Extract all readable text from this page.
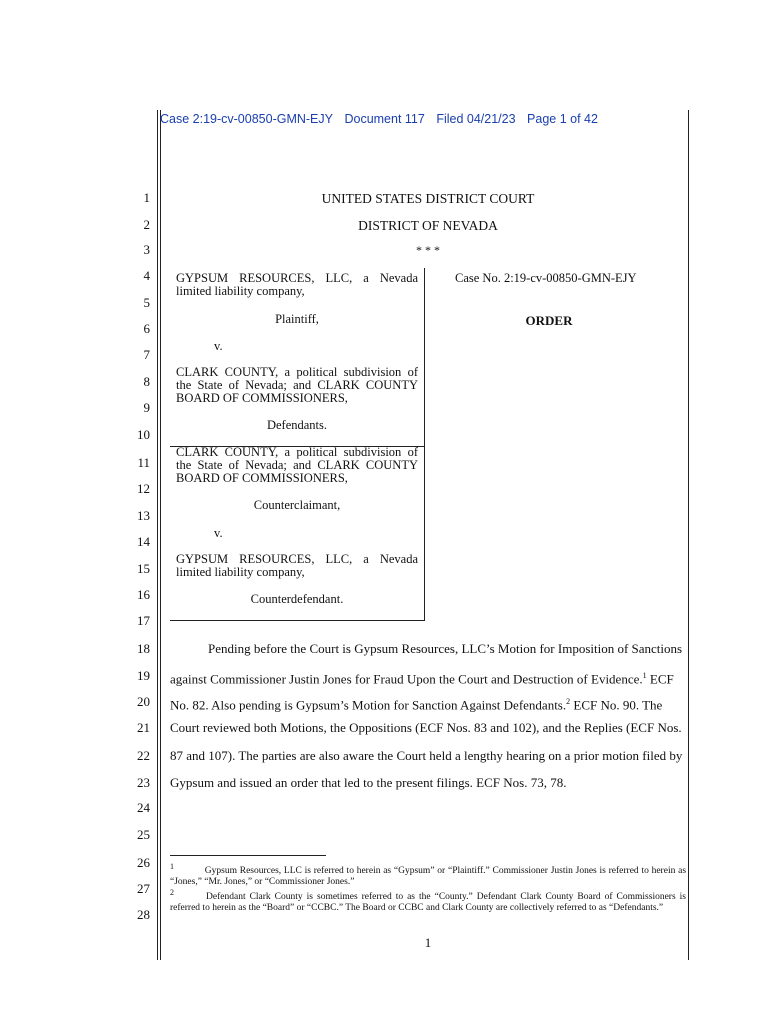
Case 2:19-cv-00850-GMN-EJY Document 117 Filed 04/21/23 Page 1 of 42
1
2
3
4
5
6
7
8
9
10
11
12
13
14
15
16
17
18
19
20
21
22
23
24
25
26
27
28
UNITED STATES DISTRICT COURT
DISTRICT OF NEVADA
* * *
GYPSUM RESOURCES, LLC, a Nevada limited liability company,
Plaintiff,
v.
CLARK COUNTY, a political subdivision of the State of Nevada; and CLARK COUNTY BOARD OF COMMISSIONERS,
Defendants.
CLARK COUNTY, a political subdivision of the State of Nevada; and CLARK COUNTY BOARD OF COMMISSIONERS,
Counterclaimant,
v.
GYPSUM RESOURCES, LLC, a Nevada limited liability company,
Counterdefendant.
Case No. 2:19-cv-00850-GMN-EJY
ORDER
Pending before the Court is Gypsum Resources, LLC’s Motion for Imposition of Sanctions
against Commissioner Justin Jones for Fraud Upon the Court and Destruction of Evidence.$^1$ ECF
No. 82. Also pending is Gypsum’s Motion for Sanction Against Defendants.$^2$ ECF No. 90. The
Court reviewed both Motions, the Oppositions (ECF Nos. 83 and 102), and the Replies (ECF Nos.
87 and 107). The parties are also aware the Court held a lengthy hearing on a prior motion filed by
Gypsum and issued an order that led to the present filings. ECF Nos. 73, 78.
$^1$	Gypsum Resources, LLC is referred to herein as “Gypsum” or “Plaintiff.” Commissioner Justin Jones is referred to herein as “Jones,” “Mr. Jones,” or “Commissioner Jones.”
$^2$	Defendant Clark County is sometimes referred to as the “County.” Defendant Clark County Board of Commissioners is referred to herein as the “Board” or “CCBC.” The Board or CCBC and Clark County are collectively referred to as “Defendants.”
1
